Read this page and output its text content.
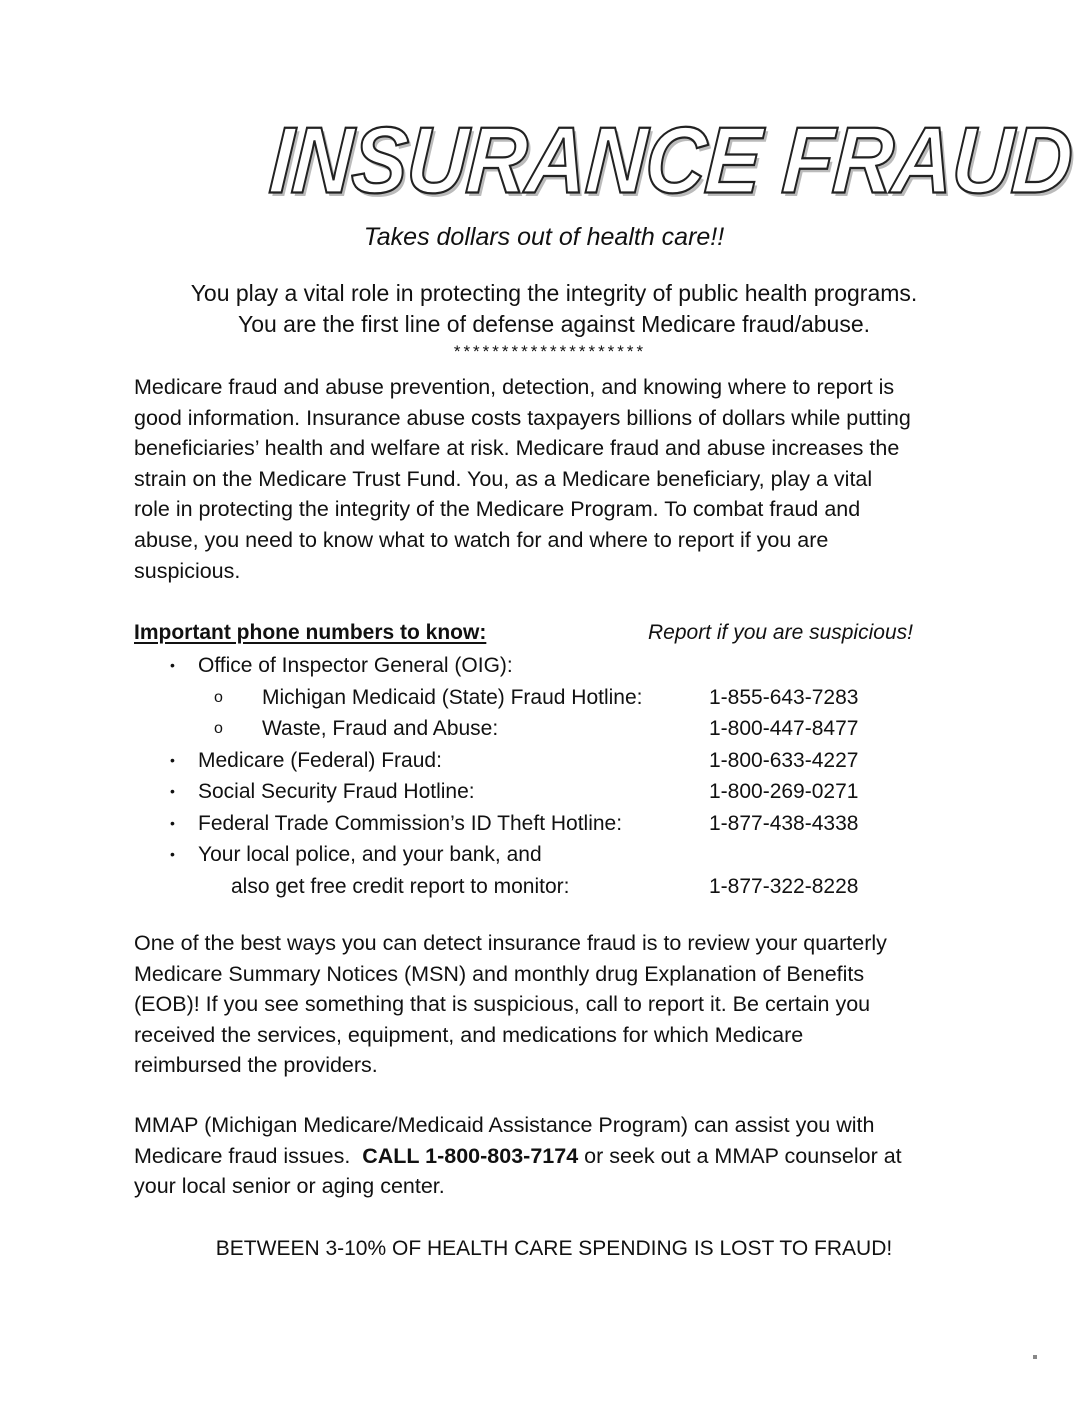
INSURANCE FRAUD
Takes dollars out of health care!!
You play a vital role in protecting the integrity of public health programs.
You are the first line of defense against Medicare fraud/abuse.
********************
Medicare fraud and abuse prevention, detection, and knowing where to report is
good information. Insurance abuse costs taxpayers billions of dollars while putting
beneficiaries’ health and welfare at risk. Medicare fraud and abuse increases the
strain on the Medicare Trust Fund. You, as a Medicare beneficiary, play a vital
role in protecting the integrity of the Medicare Program. To combat fraud and
abuse, you need to know what to watch for and where to report if you are
suspicious.
Important phone numbers to know:	Report if you are suspicious!
• Office of Inspector General (OIG):
o Michigan Medicaid (State) Fraud Hotline:	1-855-643-7283
o Waste, Fraud and Abuse:	1-800-447-8477
• Medicare (Federal) Fraud:	1-800-633-4227
• Social Security Fraud Hotline:	1-800-269-0271
• Federal Trade Commission’s ID Theft Hotline:	1-877-438-4338
• Your local police, and your bank, and
also get free credit report to monitor:	1-877-322-8228
One of the best ways you can detect insurance fraud is to review your quarterly
Medicare Summary Notices (MSN) and monthly drug Explanation of Benefits
(EOB)! If you see something that is suspicious, call to report it. Be certain you
received the services, equipment, and medications for which Medicare
reimbursed the providers.
MMAP (Michigan Medicare/Medicaid Assistance Program) can assist you with
Medicare fraud issues.  CALL 1-800-803-7174 or seek out a MMAP counselor at
your local senior or aging center.
BETWEEN 3-10% OF HEALTH CARE SPENDING IS LOST TO FRAUD!
